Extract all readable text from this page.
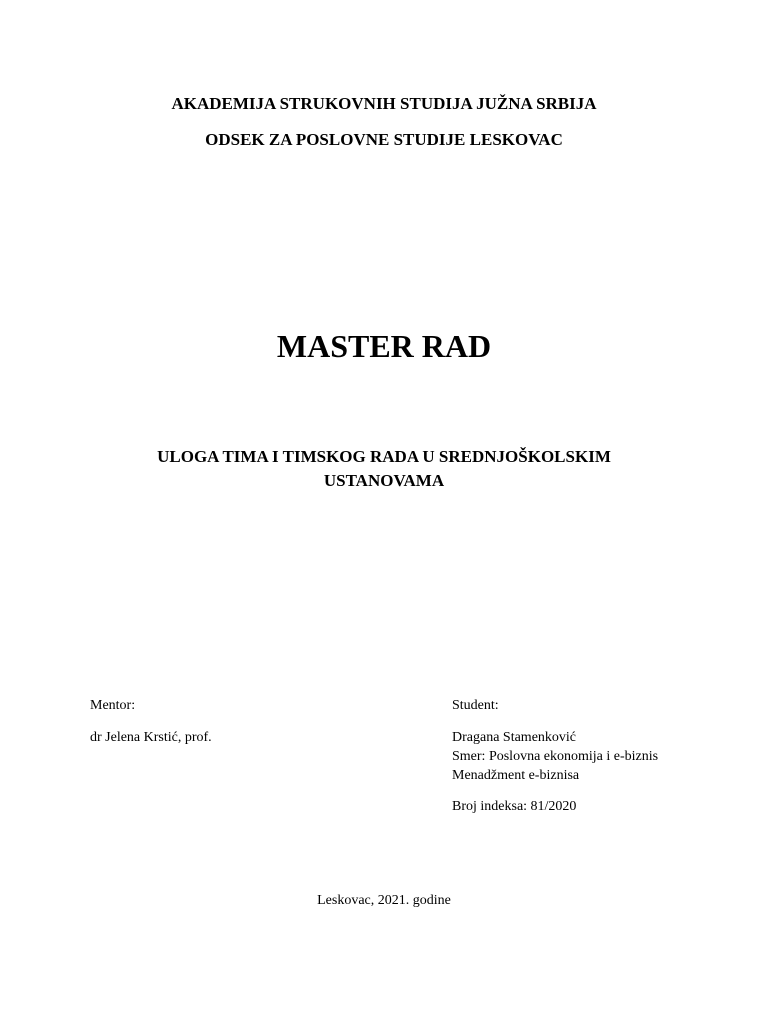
AKADEMIJA STRUKOVNIH STUDIJA JUŽNA SRBIJA
ODSEK ZA POSLOVNE STUDIJE LESKOVAC
MASTER RAD
ULOGA TIMA I TIMSKOG RADA U SREDNJOŠKOLSKIM
USTANOVAMA
Mentor:
dr Jelena Krstić, prof.
Student:
Dragana Stamenković
Smer: Poslovna ekonomija i e-biznis
Menadžment e-biznisa
Broj indeksa: 81/2020
Leskovac, 2021. godine
